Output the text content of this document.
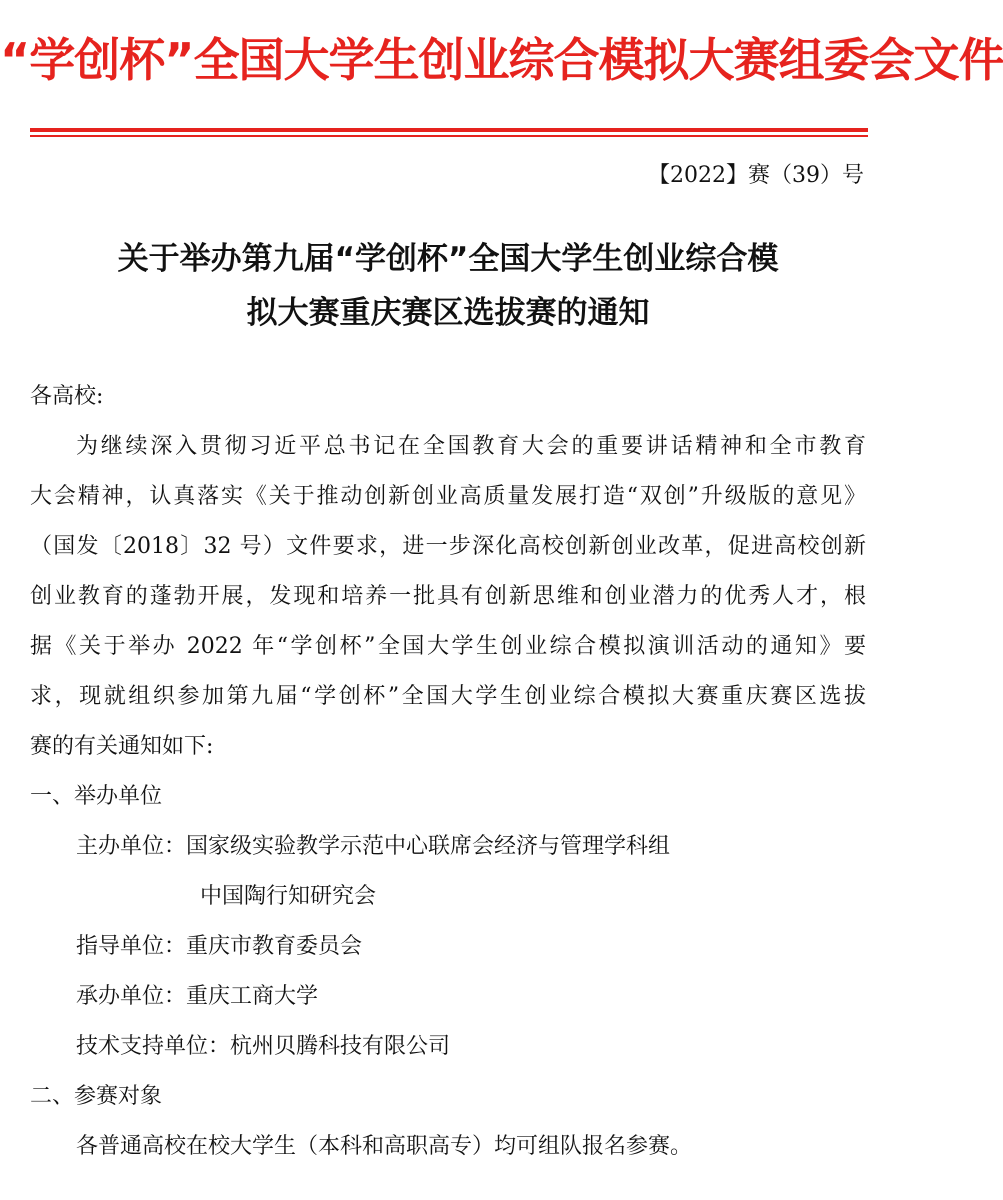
“学创杯”全国大学生创业综合模拟大赛组委会文件
【2022】赛（39）号
关于举办第九届“学创杯”全国大学生创业综合模
拟大赛重庆赛区选拔赛的通知
各高校:
为继续深入贯彻习近平总书记在全国教育大会的重要讲话精神和全市教育
大会精神，认真落实《关于推动创新创业高质量发展打造“双创”升级版的意见》
（国发〔2018〕32 号）文件要求，进一步深化高校创新创业改革，促进高校创新
创业教育的蓬勃开展，发现和培养一批具有创新思维和创业潜力的优秀人才，根
据《关于举办 2022 年“学创杯”全国大学生创业综合模拟演训活动的通知》要
求，现就组织参加第九届“学创杯”全国大学生创业综合模拟大赛重庆赛区选拔
赛的有关通知如下:
一、举办单位
主办单位：国家级实验教学示范中心联席会经济与管理学科组
中国陶行知研究会
指导单位：重庆市教育委员会
承办单位：重庆工商大学
技术支持单位：杭州贝腾科技有限公司
二、参赛对象
各普通高校在校大学生（本科和高职高专）均可组队报名参赛。
